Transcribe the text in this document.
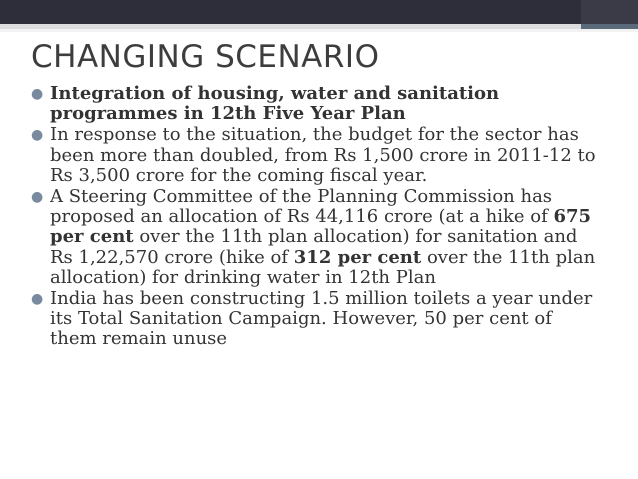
CHANGING SCENARIO
● Integration of housing, water and sanitation programmes in 12th Five Year Plan
● In response to the situation, the budget for the sector has been more than doubled, from Rs 1,500 crore in 2011-12 to Rs 3,500 crore for the coming fiscal year.
● A Steering Committee of the Planning Commission has proposed an allocation of Rs 44,116 crore (at a hike of 675 per cent over the 11th plan allocation) for sanitation and Rs 1,22,570 crore (hike of 312 per cent over the 11th plan allocation) for drinking water in 12th Plan
● India has been constructing 1.5 million toilets a year under its Total Sanitation Campaign. However, 50 per cent of them remain unuse
